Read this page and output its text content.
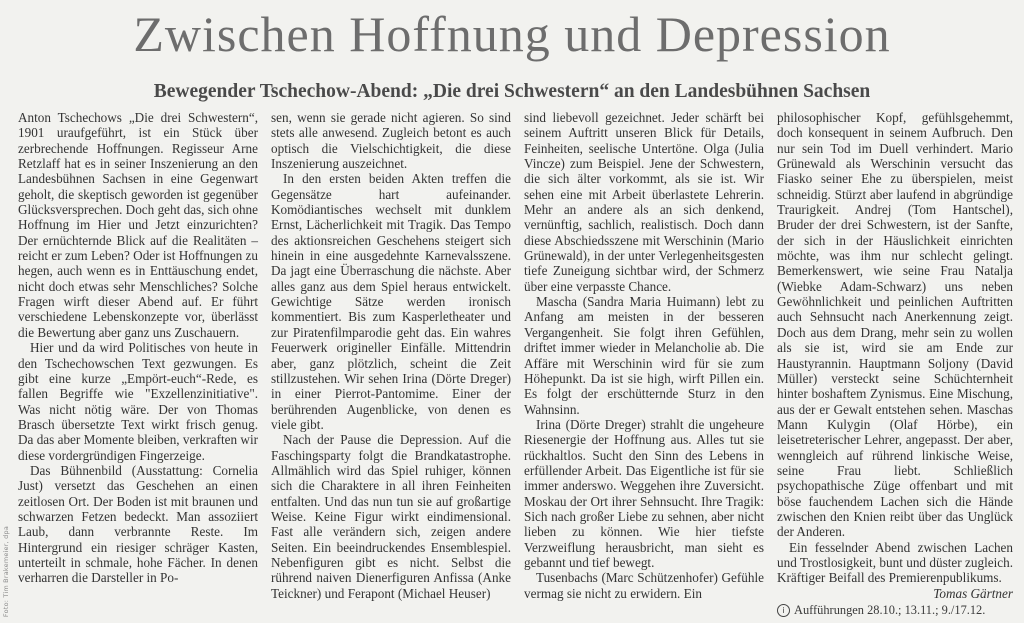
Zwischen Hoffnung und Depression
Bewegender Tschechow-Abend: „Die drei Schwestern“ an den Landesbühnen Sachsen

Anton Tschechows „Die drei Schwestern“, 1901 uraufgeführt, ist ein Stück über zerbrechende Hoffnungen. Regisseur Arne Retzlaff hat es in seiner Inszenierung an den Landesbühnen Sachsen in eine Gegenwart geholt, die skeptisch geworden ist gegenüber Glücksversprechen. Doch geht das, sich ohne Hoffnung im Hier und Jetzt einzurichten? Der ernüchternde Blick auf die Realitäten – reicht er zum Leben? Oder ist Hoffnungen zu hegen, auch wenn es in Enttäuschung endet, nicht doch etwas sehr Menschliches? Solche Fragen wirft dieser Abend auf. Er führt verschiedene Lebenskonzepte vor, überlässt die Bewertung aber ganz uns Zuschauern.

Hier und da wird Politisches von heute in den Tschechowschen Text gezwungen. Es gibt eine kurze „Empört-euch“-Rede, es fallen Begriffe wie "Exzellenzinitiative". Was nicht nötig wäre. Der von Thomas Brasch übersetzte Text wirkt frisch genug. Da das aber Momente bleiben, verkraften wir diese vordergründigen Fingerzeige.

Das Bühnenbild (Ausstattung: Cornelia Just) versetzt das Geschehen an einen zeitlosen Ort. Der Boden ist mit braunen und schwarzen Fetzen bedeckt. Man assoziiert Laub, dann verbrannte Reste. Im Hintergrund ein riesiger schräger Kasten, unterteilt in schmale, hohe Fächer. In denen verharren die Darsteller in Po-

sen, wenn sie gerade nicht agieren. So sind stets alle anwesend. Zugleich betont es auch optisch die Vielschichtigkeit, die diese Inszenierung auszeichnet.

In den ersten beiden Akten treffen die Gegensätze hart aufeinander. Komödiantisches wechselt mit dunklem Ernst, Lächerlichkeit mit Tragik. Das Tempo des aktionsreichen Geschehens steigert sich hinein in eine ausgedehnte Karnevalsszene. Da jagt eine Überraschung die nächste. Aber alles ganz aus dem Spiel heraus entwickelt. Gewichtige Sätze werden ironisch kommentiert. Bis zum Kasperletheater und zur Piratenfilmparodie geht das. Ein wahres Feuerwerk origineller Einfälle. Mittendrin aber, ganz plötzlich, scheint die Zeit stillzustehen. Wir sehen Irina (Dörte Dreger) in einer Pierrot-Pantomime. Einer der berührenden Augenblicke, von denen es viele gibt.

Nach der Pause die Depression. Auf die Faschingsparty folgt die Brandkatastrophe. Allmählich wird das Spiel ruhiger, können sich die Charaktere in all ihren Feinheiten entfalten. Und das nun tun sie auf großartige Weise. Keine Figur wirkt eindimensional. Fast alle verändern sich, zeigen andere Seiten. Ein beeindruckendes Ensemblespiel. Nebenfiguren gibt es nicht. Selbst die rührend naiven Dienerfiguren Anfissa (Anke Teickner) und Ferapont (Michael Heuser)

sind liebevoll gezeichnet. Jeder schärft bei seinem Auftritt unseren Blick für Details, Feinheiten, seelische Untertöne. Olga (Julia Vincze) zum Beispiel. Jene der Schwestern, die sich älter vorkommt, als sie ist. Wir sehen eine mit Arbeit überlastete Lehrerin. Mehr an andere als an sich denkend, vernünftig, sachlich, realistisch. Doch dann diese Abschiedsszene mit Werschinin (Mario Grünewald), in der unter Verlegenheitsgesten tiefe Zuneigung sichtbar wird, der Schmerz über eine verpasste Chance.

Mascha (Sandra Maria Huimann) lebt zu Anfang am meisten in der besseren Vergangenheit. Sie folgt ihren Gefühlen, driftet immer wieder in Melancholie ab. Die Affäre mit Werschinin wird für sie zum Höhepunkt. Da ist sie high, wirft Pillen ein. Es folgt der erschütternde Sturz in den Wahnsinn.

Irina (Dörte Dreger) strahlt die ungeheure Riesenergie der Hoffnung aus. Alles tut sie rückhaltlos. Sucht den Sinn des Lebens in erfüllender Arbeit. Das Eigentliche ist für sie immer anderswo. Weggehen ihre Zuversicht. Moskau der Ort ihrer Sehnsucht. Ihre Tragik: Sich nach großer Liebe zu sehnen, aber nicht lieben zu können. Wie hier tiefste Verzweiflung herausbricht, man sieht es gebannt und tief bewegt.

Tusenbachs (Marc Schützenhofer) Gefühle vermag sie nicht zu erwidern. Ein

philosophischer Kopf, gefühlsgehemmt, doch konsequent in seinem Aufbruch. Den nur sein Tod im Duell verhindert. Mario Grünewald als Werschinin versucht das Fiasko seiner Ehe zu überspielen, meist schneidig. Stürzt aber laufend in abgründige Traurigkeit. Andrej (Tom Hantschel), Bruder der drei Schwestern, ist der Sanfte, der sich in der Häuslichkeit einrichten möchte, was ihm nur schlecht gelingt. Bemerkenswert, wie seine Frau Natalja (Wiebke Adam-Schwarz) uns neben Gewöhnlichkeit und peinlichen Auftritten auch Sehnsucht nach Anerkennung zeigt. Doch aus dem Drang, mehr sein zu wollen als sie ist, wird sie am Ende zur Haustyrannin. Hauptmann Soljony (David Müller) versteckt seine Schüchternheit hinter boshaftem Zynismus. Eine Mischung, aus der er Gewalt entstehen sehen. Maschas Mann Kulygin (Olaf Hörbe), ein leisetreterischer Lehrer, angepasst. Der aber, wenngleich auf rührend linkische Weise, seine Frau liebt. Schließlich psychopathische Züge offenbart und mit böse fauchendem Lachen sich die Hände zwischen den Knien reibt über das Unglück der Anderen.

Ein fesselnder Abend zwischen Lachen und Trostlosigkeit, bunt und düster zugleich. Kräftiger Beifall des Premierenpublikums.

Tomas Gärtner

i Aufführungen 28.10.; 13.11.; 9./17.12.
Foto: Tim Brakemeier, dpa
